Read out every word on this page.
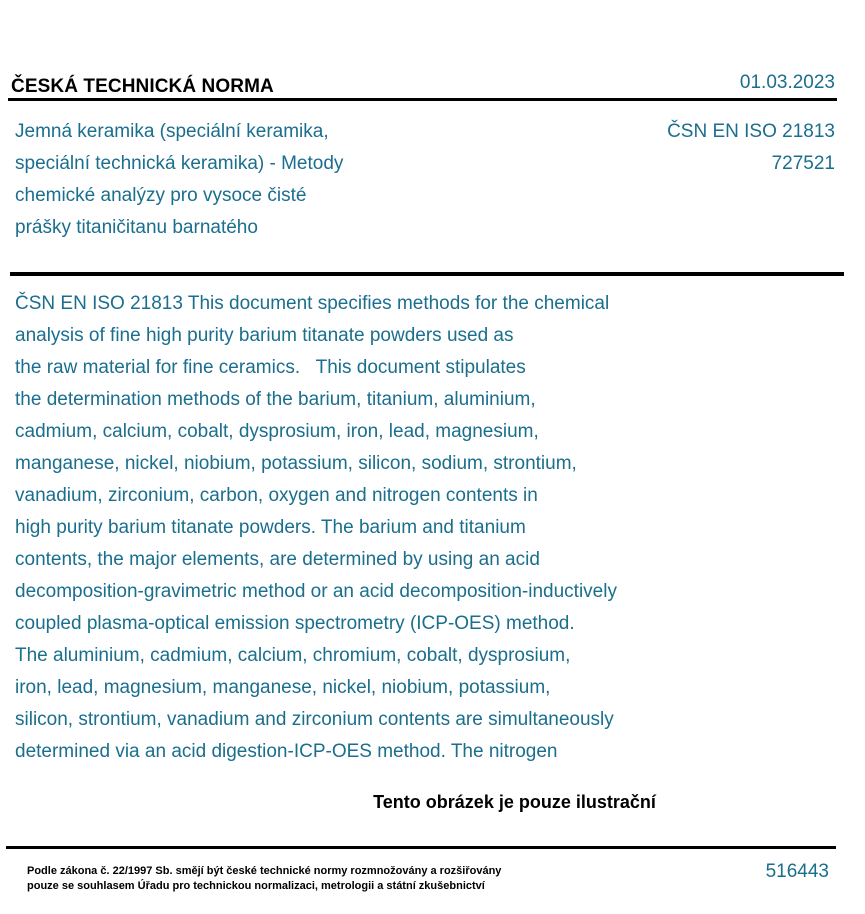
ČESKÁ TECHNICKÁ NORMA	01.03.2023
Jemná keramika (speciální keramika,
speciální technická keramika) - Metody
chemické analýzy pro vysoce čisté
prášky titaničitanu barnatého
ČSN EN ISO 21813
727521
ČSN EN ISO 21813 This document specifies methods for the chemical
analysis of fine high purity barium titanate powders used as
the raw material for fine ceramics.   This document stipulates
the determination methods of the barium, titanium, aluminium,
cadmium, calcium, cobalt, dysprosium, iron, lead, magnesium,
manganese, nickel, niobium, potassium, silicon, sodium, strontium,
vanadium, zirconium, carbon, oxygen and nitrogen contents in
high purity barium titanate powders. The barium and titanium
contents, the major elements, are determined by using an acid
decomposition-gravimetric method or an acid decomposition-inductively
coupled plasma-optical emission spectrometry (ICP-OES) method.
The aluminium, cadmium, calcium, chromium, cobalt, dysprosium,
iron, lead, magnesium, manganese, nickel, niobium, potassium,
silicon, strontium, vanadium and zirconium contents are simultaneously
determined via an acid digestion-ICP-OES method. The nitrogen
Tento obrázek je pouze ilustrační
Podle zákona č. 22/1997 Sb. smějí být české technické normy rozmnožovány a rozšiřovány
pouze se souhlasem Úřadu pro technickou normalizaci, metrologii a státní zkušebnictví
516443
